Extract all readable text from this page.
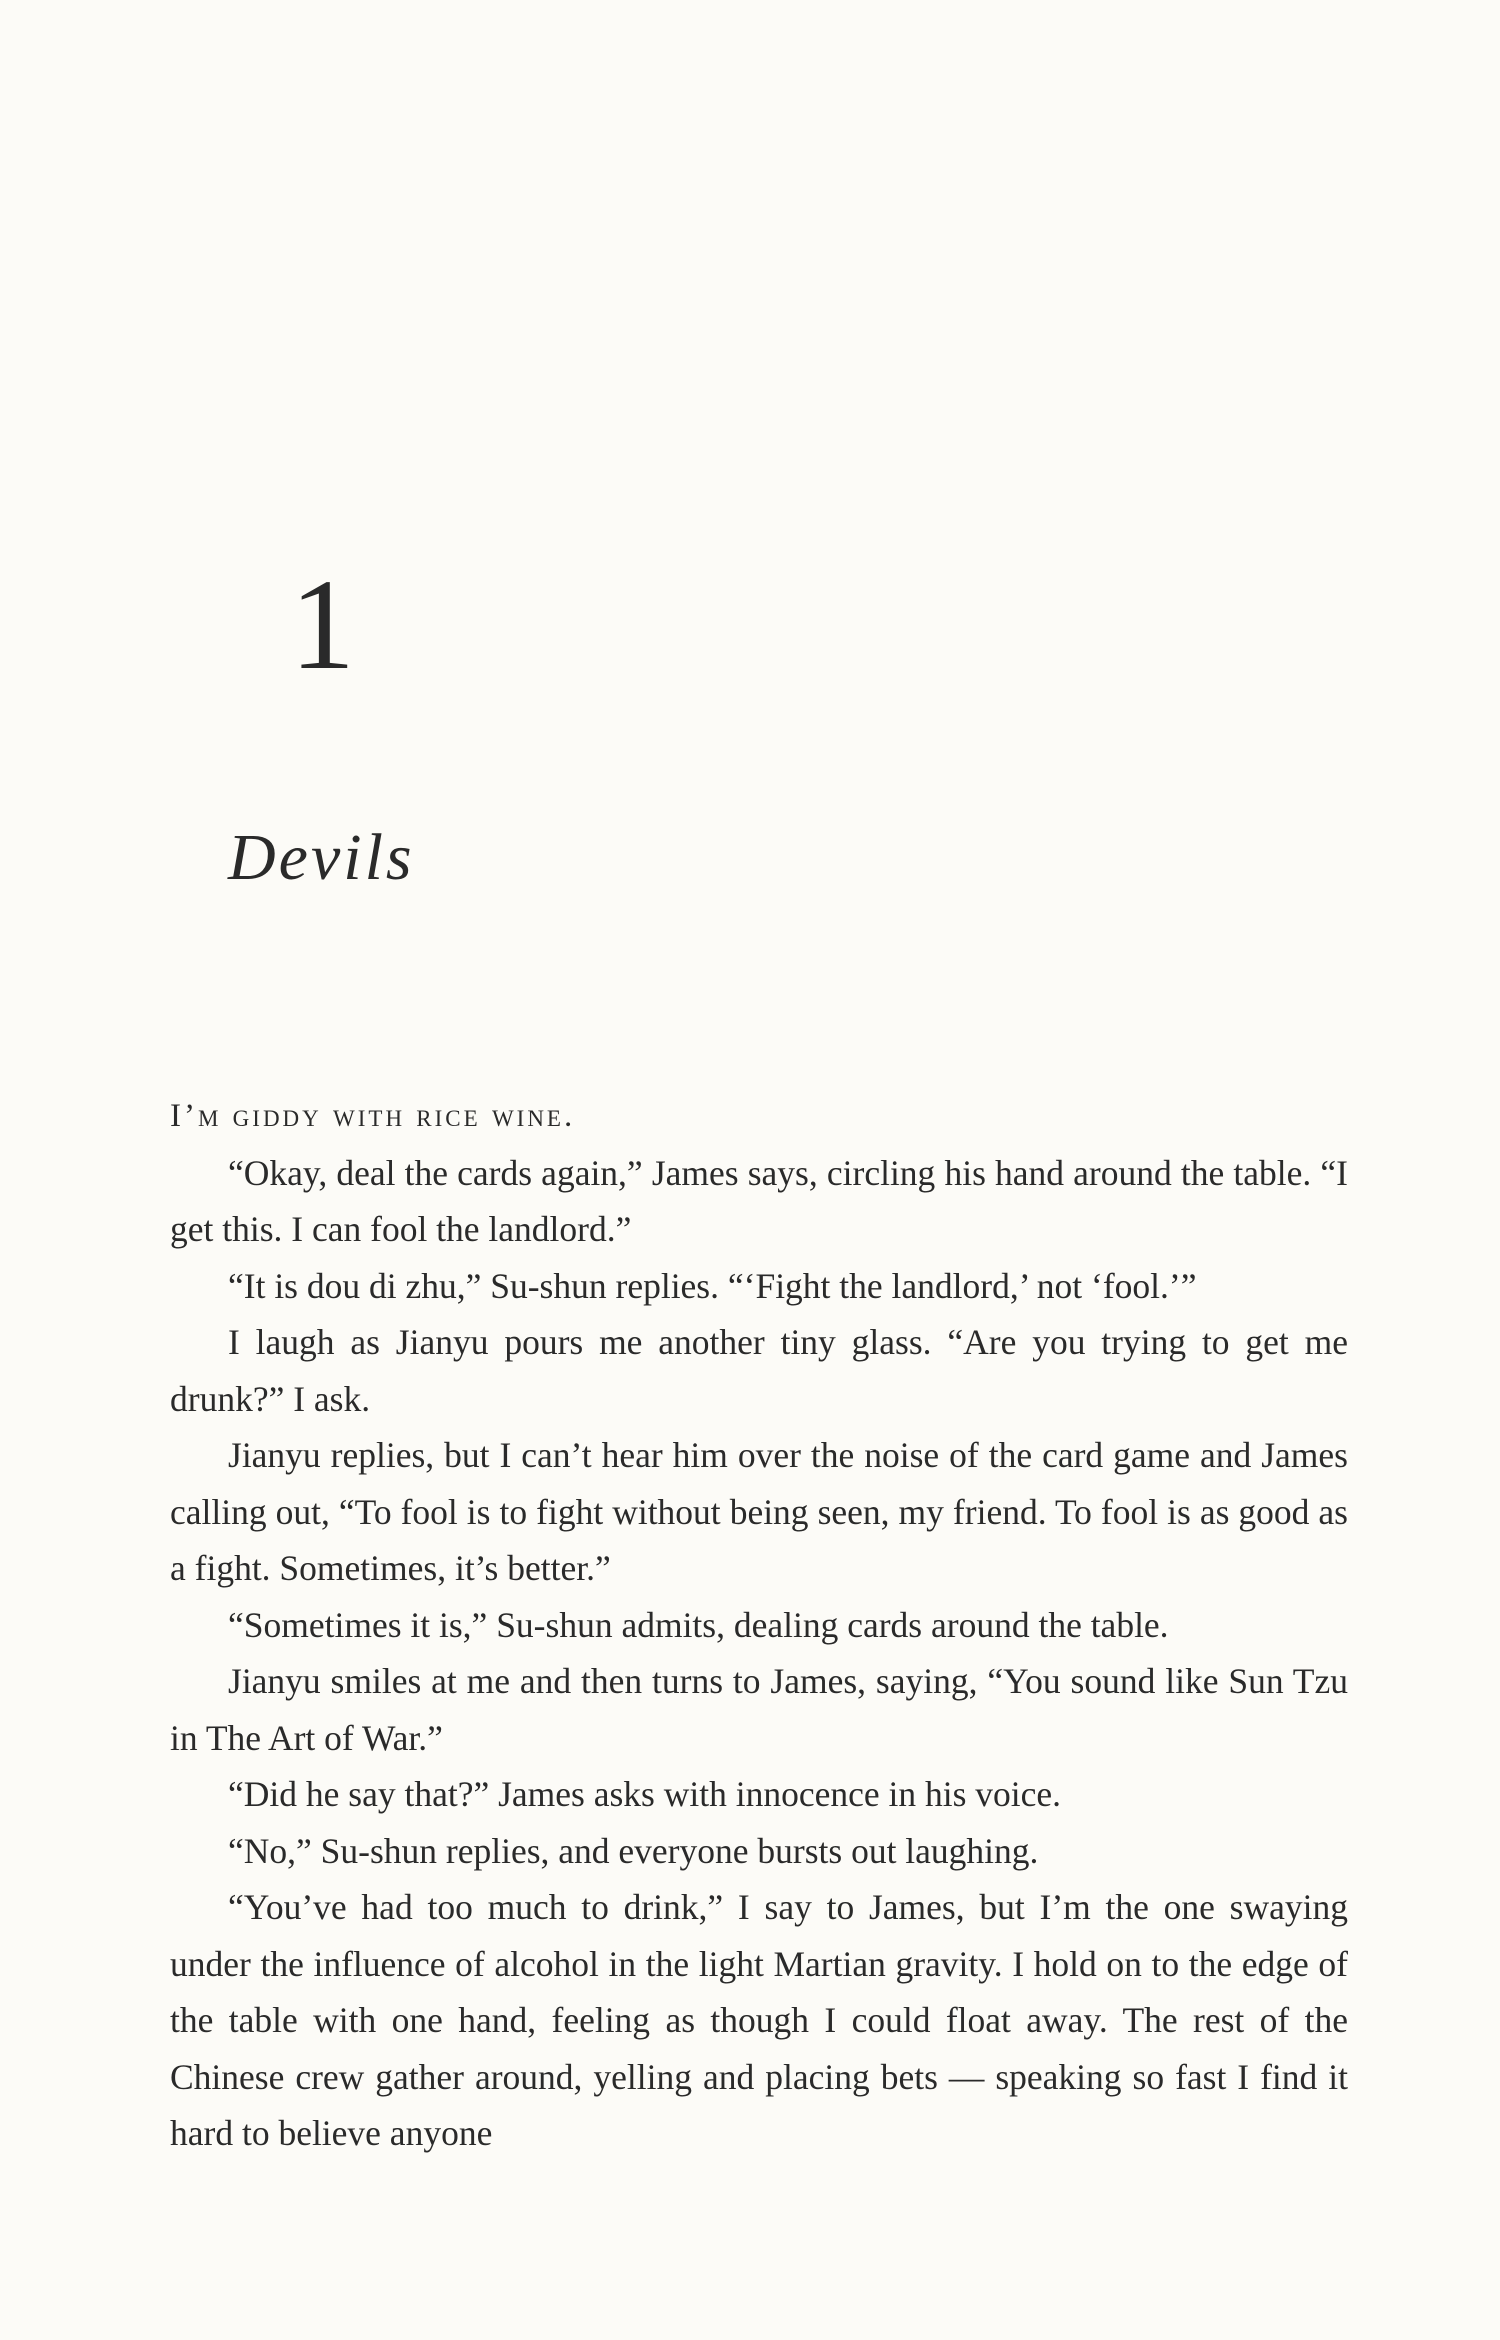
1
Devils

I’m giddy with rice wine.

“Okay, deal the cards again,” James says, circling his hand around the table. “I get this. I can fool the landlord.”

“It is dou di zhu,” Su-shun replies. “‘Fight the landlord,’ not ‘fool.’”

I laugh as Jianyu pours me another tiny glass. “Are you trying to get me drunk?” I ask.

Jianyu replies, but I can’t hear him over the noise of the card game and James calling out, “To fool is to fight without being seen, my friend. To fool is as good as a fight. Sometimes, it’s better.”

“Sometimes it is,” Su-shun admits, dealing cards around the table.

Jianyu smiles at me and then turns to James, saying, “You sound like Sun Tzu in The Art of War.”

“Did he say that?” James asks with innocence in his voice.

“No,” Su-shun replies, and everyone bursts out laughing.

“You’ve had too much to drink,” I say to James, but I’m the one swaying under the influence of alcohol in the light Martian gravity. I hold on to the edge of the table with one hand, feeling as though I could float away. The rest of the Chinese crew gather around, yelling and placing bets — speaking so fast I find it hard to believe anyone
